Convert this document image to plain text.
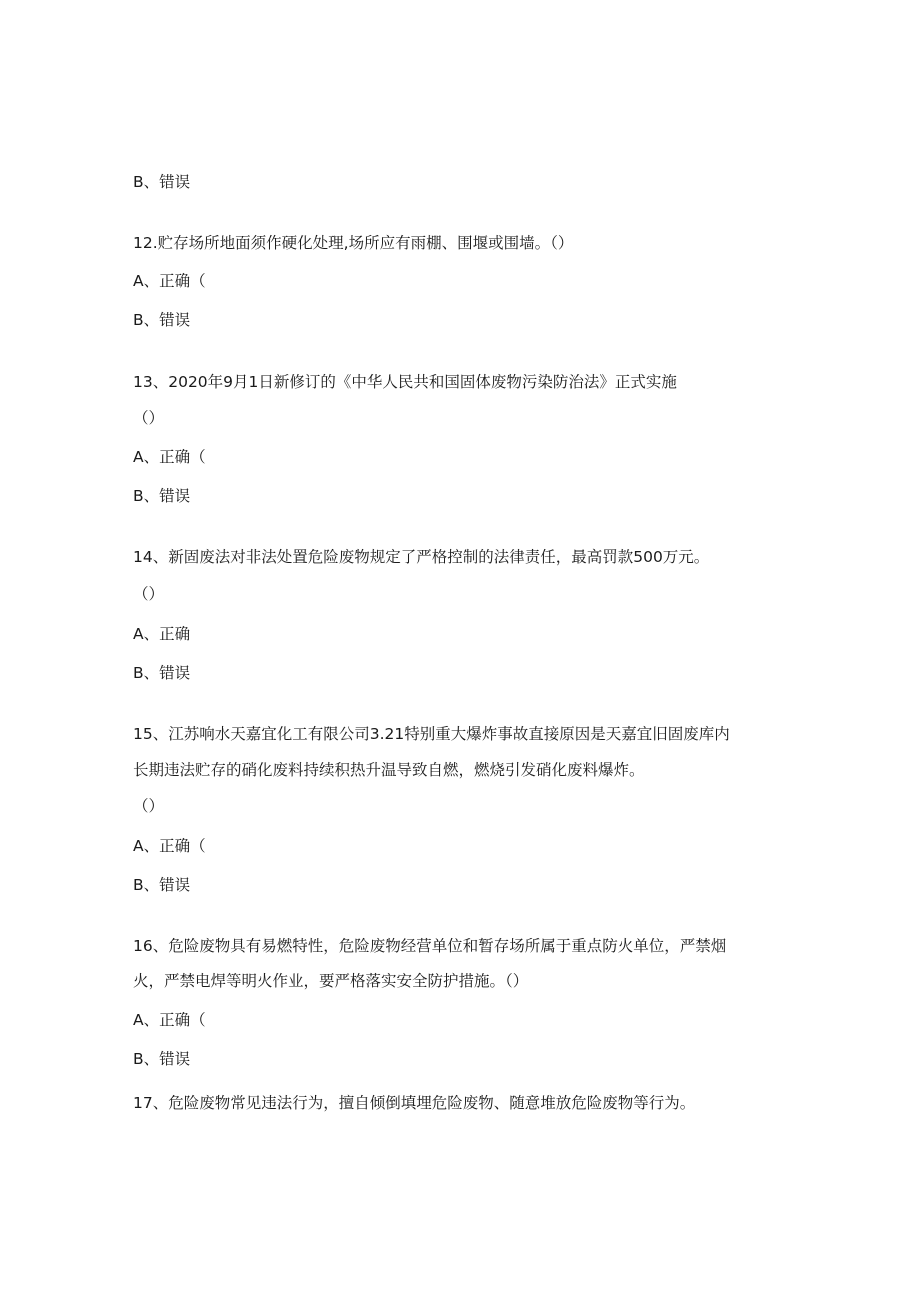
B、错误
12.贮存场所地面须作硬化处理,场所应有雨棚、围堰或围墙。（）
A、正确（
B、错误
13、2020年9月1日新修订的《中华人民共和国固体废物污染防治法》正式实施
（）
A、正确（
B、错误
14、新固废法对非法处置危险废物规定了严格控制的法律责任，最高罚款500万元。
（）
A、正确
B、错误
15、江苏响水天嘉宜化工有限公司3.21特别重大爆炸事故直接原因是天嘉宜旧固废库内
长期违法贮存的硝化废料持续积热升温导致自燃，燃烧引发硝化废料爆炸。
（）
A、正确（
B、错误
16、危险废物具有易燃特性，危险废物经营单位和暂存场所属于重点防火单位，严禁烟
火，严禁电焊等明火作业，要严格落实安全防护措施。（）
A、正确（
B、错误
17、危险废物常见违法行为，擅自倾倒填埋危险废物、随意堆放危险废物等行为。
